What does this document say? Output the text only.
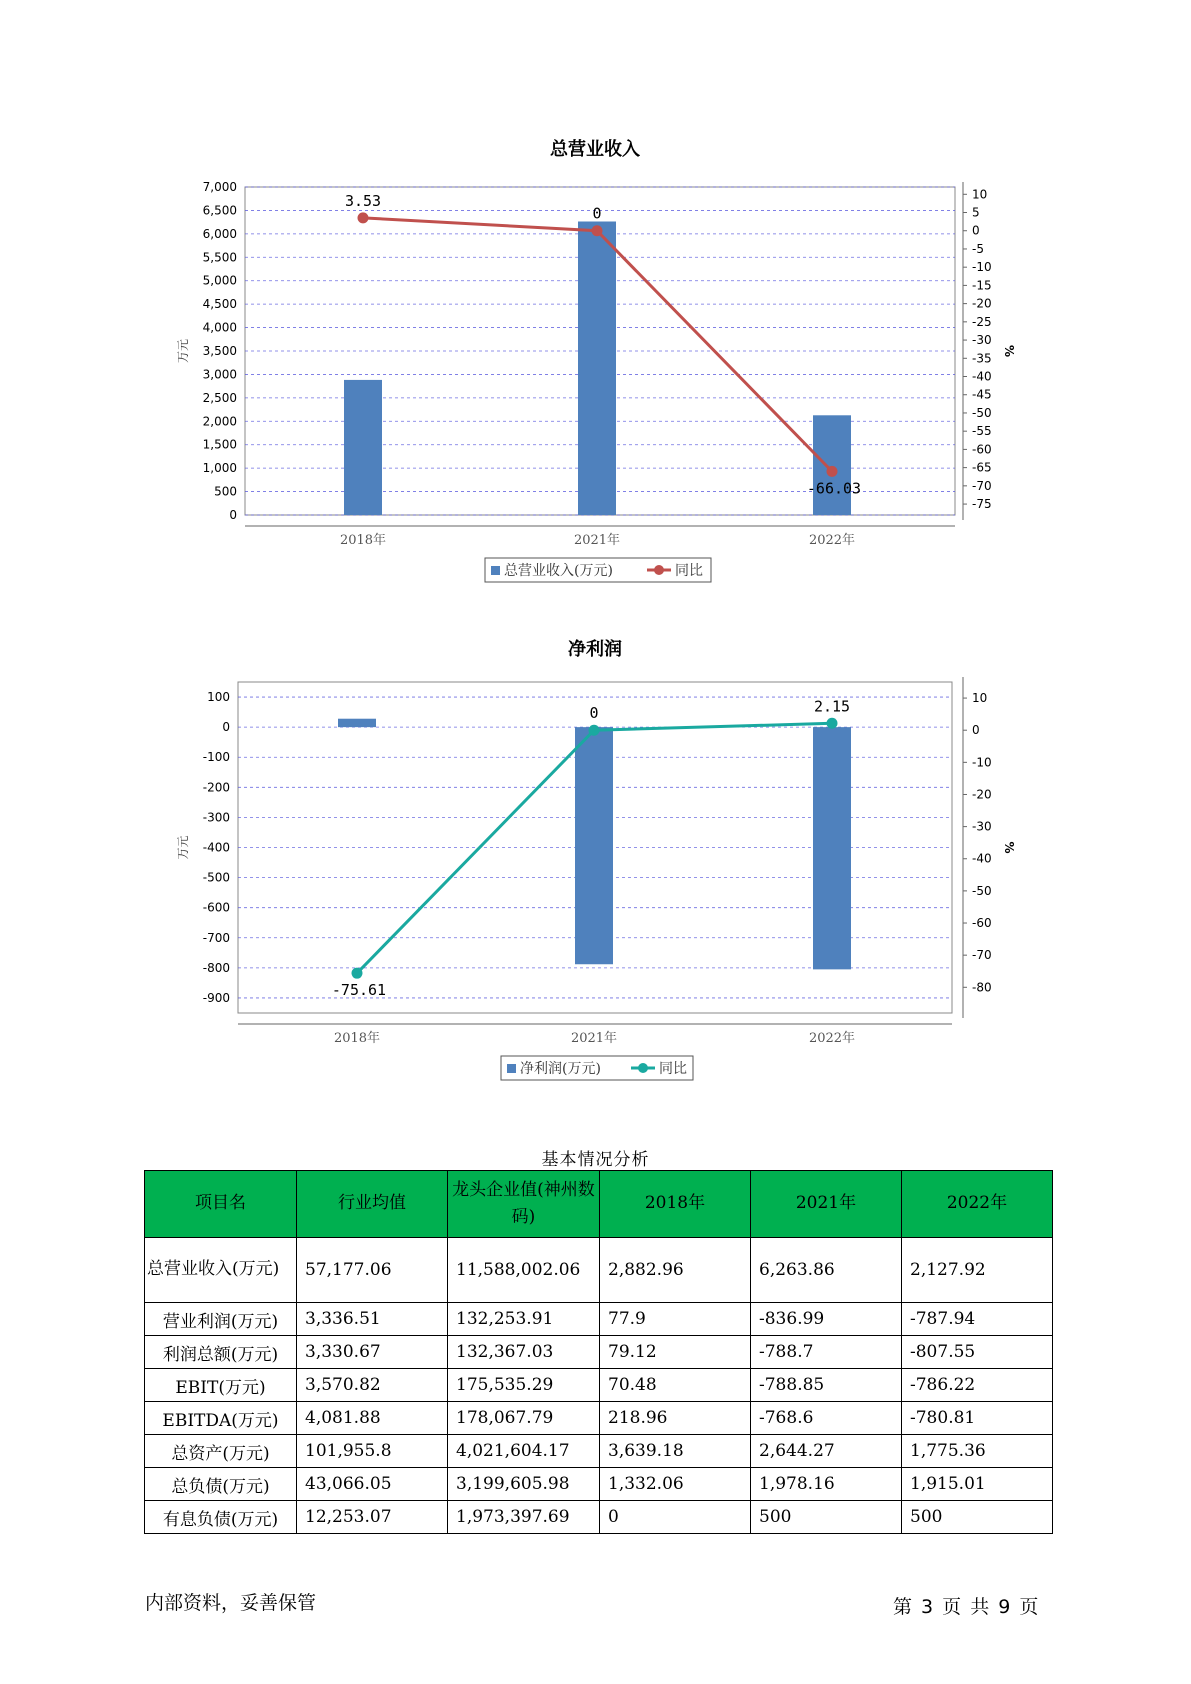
总营业收入
0
500
1,000
1,500
2,000
2,500
3,000
3,500
4,000
4,500
5,000
5,500
6,000
6,500
7,000
10
5
0
-5
-10
-15
-20
-25
-30
-35
-40
-45
-50
-55
-60
-65
-70
-75
万元	%
2018年	2021年	2022年
3.53
0
-66.03
总营业收入(万元)	同比
净利润
100
0
-100
-200
-300
-400
-500
-600
-700
-800
-900
10
0
-10
-20
-30
-40
-50
-60
-70
-80
万元	%
2018年	2021年	2022年
-75.61
0	2.15
净利润(万元)	同比
基本情况分析
项目名	行业均值	龙头企业值(神州数码)	2018年	2021年	2022年
总营业收入(万元)	57,177.06	11,588,002.06	2,882.96	6,263.86	2,127.92
营业利润(万元)	3,336.51	132,253.91	77.9	-836.99	-787.94
利润总额(万元)	3,330.67	132,367.03	79.12	-788.7	-807.55
EBIT(万元)	3,570.82	175,535.29	70.48	-788.85	-786.22
EBITDA(万元)	4,081.88	178,067.79	218.96	-768.6	-780.81
总资产(万元)	101,955.8	4,021,604.17	3,639.18	2,644.27	1,775.36
总负债(万元)	43,066.05	3,199,605.98	1,332.06	1,978.16	1,915.01
有息负债(万元)	12,253.07	1,973,397.69	0	500	500
内部资料，妥善保管	第 3 页 共 9 页
